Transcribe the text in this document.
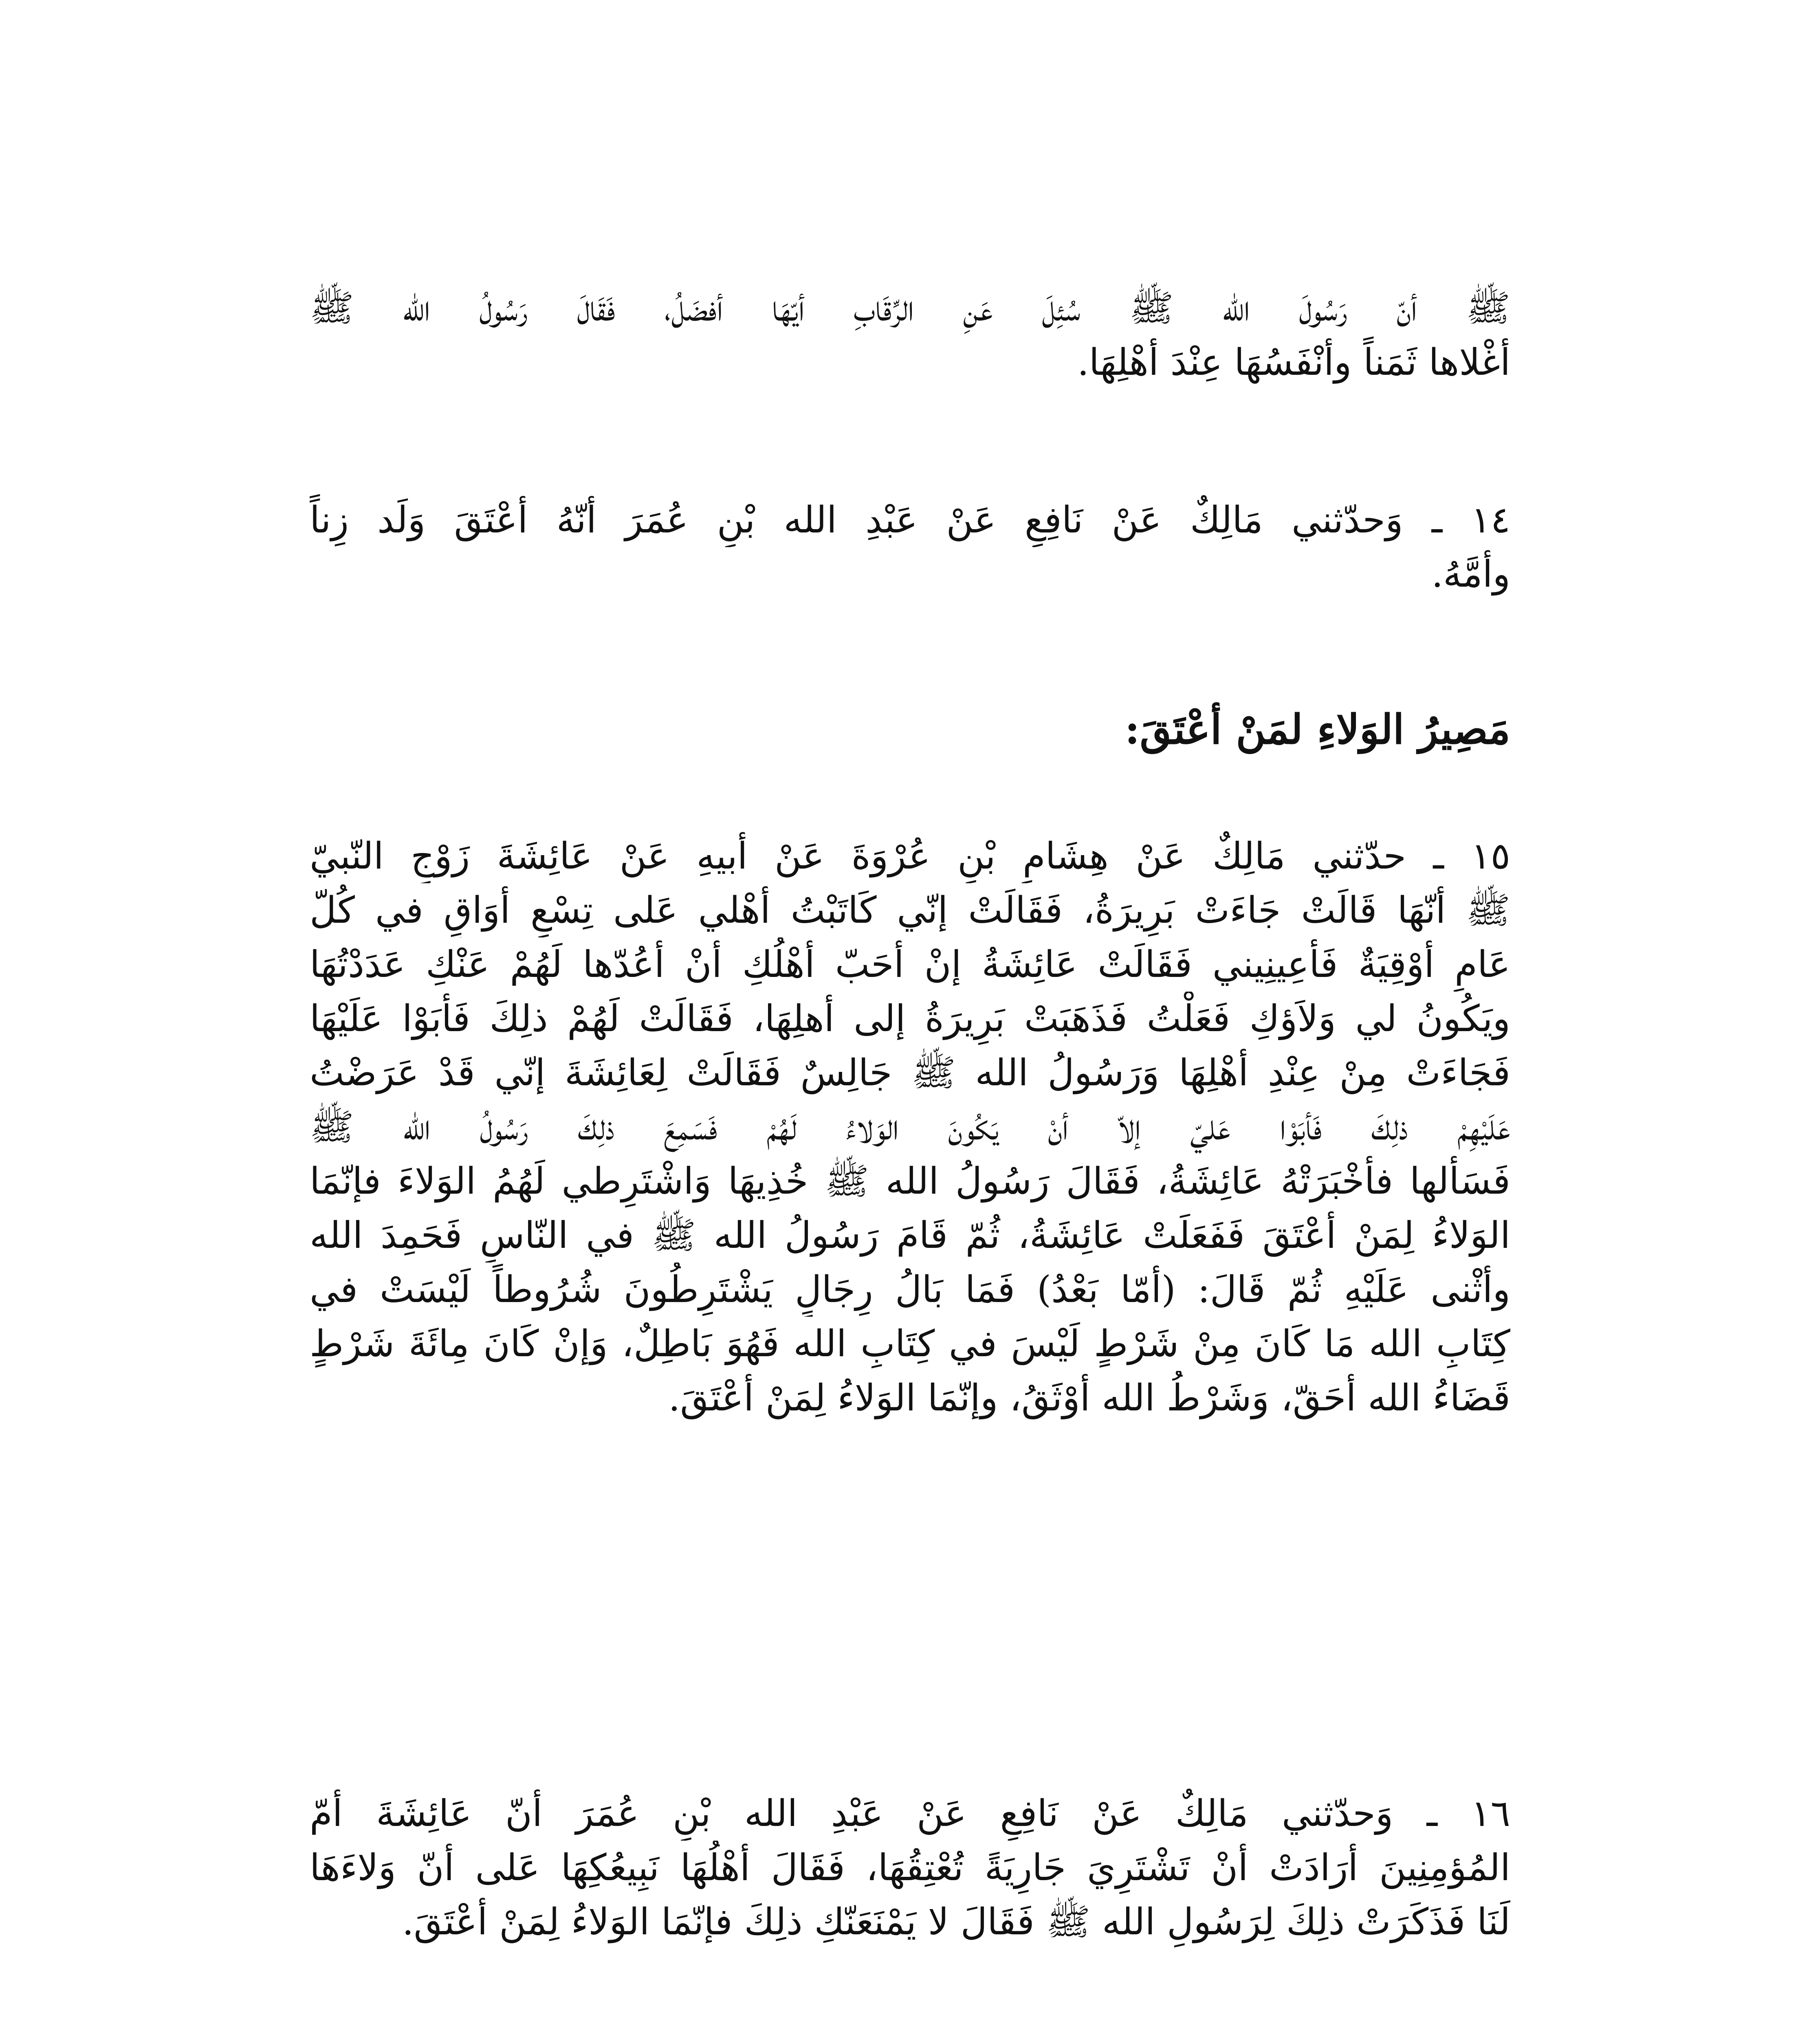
ﷺ أنّ رَسُولَ الله ﷺ سُئِلَ عَنِ الرِّقَابِ أيّهَا أفضَلُ، فَقَالَ رَسُولُ الله ﷺ
أغْلاها ثَمَناً وأنْفَسُهَا عِنْدَ أهْلِهَا.
١٤ ـ وَحدّثني مَالِكٌ عَنْ نَافِعٍ عَنْ عَبْدِ الله بْنِ عُمَرَ أنّهُ أعْتَقَ وَلَد زِناً
وأمَّهُ.
مَصِيرُ الوَلاءِ لمَنْ أعْتَقَ:
١٥ ـ حدّثني مَالِكٌ عَنْ هِشَامِ بْنِ عُرْوَةَ عَنْ أبيهِ عَنْ عَائِشَةَ زَوْجِ النّبيّ
ﷺ أنّهَا قَالَتْ جَاءَتْ بَرِيرَةُ، فَقَالَتْ إنّي كَاتَبْتُ أهْلي عَلى تِسْعِ أوَاقٍ في كُلّ
عَامٍ أوْقِيَةٌ فَأعِينِيني فَقَالَتْ عَائِشَةُ إنْ أحَبّ أهْلُكِ أنْ أعُدّها لَهُمْ عَنْكِ عَدَدْتُهَا
ويَكُونُ لي وَلاَؤكِ فَعَلْتُ فَذَهَبَتْ بَرِيرَةُ إلى أهلِهَا، فَقَالَتْ لَهُمْ ذلِكَ فَأبَوْا عَلَيْهَا
فَجَاءَتْ مِنْ عِنْدِ أهْلِهَا وَرَسُولُ الله ﷺ جَالِسٌ فَقَالَتْ لِعَائِشَةَ إنّي قَدْ عَرَضْتُ
عَلَيْهِمْ ذلِكَ فَأبَوْا عَليّ إلاّ أنْ يَكُونَ الوَلاءُ لَهُمْ فَسَمِعَ ذلِكَ رَسُولُ الله ﷺ
فَسَألها فأخْبَرَتْهُ عَائِشَةُ، فَقَالَ رَسُولُ الله ﷺ خُذِيهَا وَاشْتَرِطي لَهُمُ الوَلاءَ فإنّمَا
الوَلاءُ لِمَنْ أعْتَقَ فَفَعَلَتْ عَائِشَةُ، ثُمّ قَامَ رَسُولُ الله ﷺ في النّاسِ فَحَمِدَ الله
وأثْنى عَلَيْهِ ثُمّ قَالَ: (أمّا بَعْدُ) فَمَا بَالُ رِجَالٍ يَشْتَرِطُونَ شُرُوطاً لَيْسَتْ في
كِتَابِ الله مَا كَانَ مِنْ شَرْطٍ لَيْسَ في كِتَابِ الله فَهُوَ بَاطِلٌ، وَإنْ كَانَ مِائَةَ شَرْطٍ
قَضَاءُ الله أحَقّ، وَشَرْطُ الله أوْثَقُ، وإنّمَا الوَلاءُ لِمَنْ أعْتَقَ.
١٦ ـ وَحدّثني مَالِكٌ عَنْ نَافِعٍ عَنْ عَبْدِ الله بْنِ عُمَرَ أنّ عَائِشَةَ أمّ
المُؤمِنِينَ أرَادَتْ أنْ تَشْتَرِيَ جَارِيَةً تُعْتِقُهَا، فَقَالَ أهْلُهَا نَبِيعُكِهَا عَلى أنّ وَلاءَهَا
لَنَا فَذَكَرَتْ ذلِكَ لِرَسُولِ الله ﷺ فَقَالَ لا يَمْنَعَنّكِ ذلِكَ فإنّمَا الوَلاءُ لِمَنْ أعْتَقَ.
